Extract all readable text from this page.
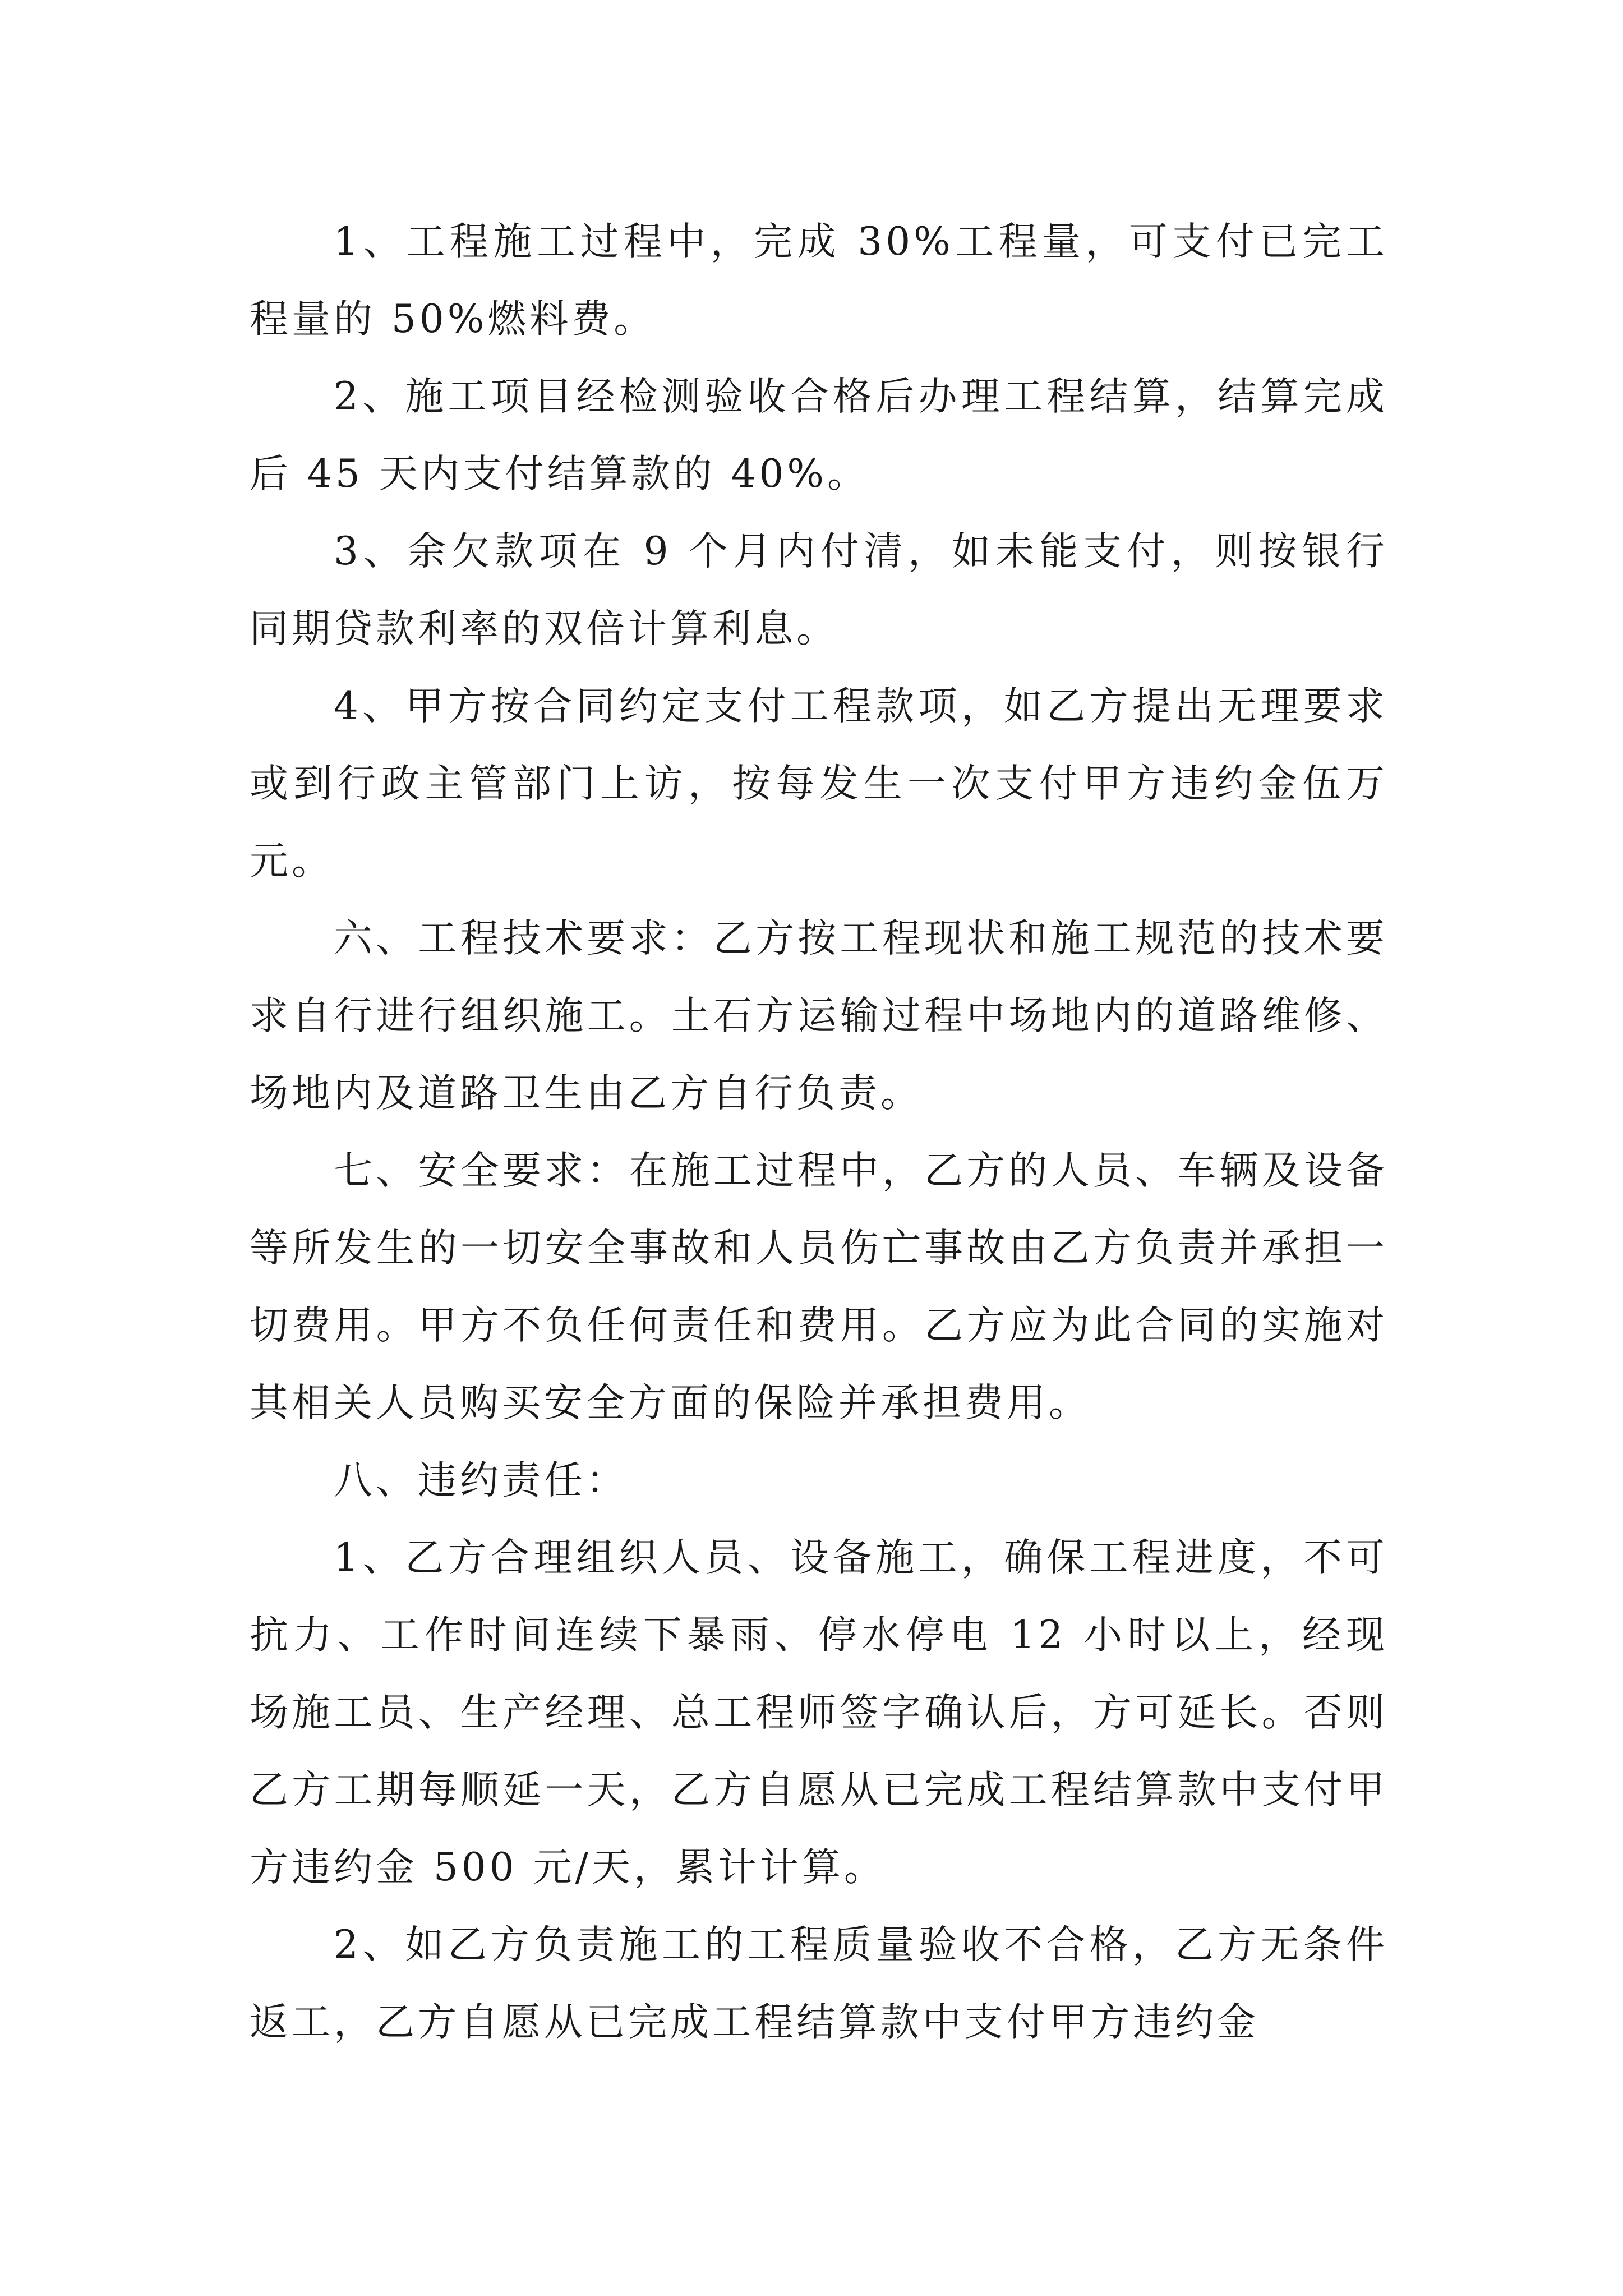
1、工程施工过程中，完成 30%工程量，可支付已完工程量的 50%燃料费。

2、施工项目经检测验收合格后办理工程结算，结算完成后 45 天内支付结算款的 40%。

3、余欠款项在 9 个月内付清，如未能支付，则按银行同期贷款利率的双倍计算利息。

4、甲方按合同约定支付工程款项，如乙方提出无理要求或到行政主管部门上访，按每发生一次支付甲方违约金伍万元。

六、工程技术要求：乙方按工程现状和施工规范的技术要求自行进行组织施工。土石方运输过程中场地内的道路维修、场地内及道路卫生由乙方自行负责。

七、安全要求：在施工过程中，乙方的人员、车辆及设备等所发生的一切安全事故和人员伤亡事故由乙方负责并承担一切费用。甲方不负任何责任和费用。乙方应为此合同的实施对其相关人员购买安全方面的保险并承担费用。

八、违约责任：

1、乙方合理组织人员、设备施工，确保工程进度，不可抗力、工作时间连续下暴雨、停水停电 12 小时以上，经现场施工员、生产经理、总工程师签字确认后，方可延长。否则乙方工期每顺延一天，乙方自愿从已完成工程结算款中支付甲方违约金 500 元/天，累计计算。

2、如乙方负责施工的工程质量验收不合格，乙方无条件返工，乙方自愿从已完成工程结算款中支付甲方违约金
